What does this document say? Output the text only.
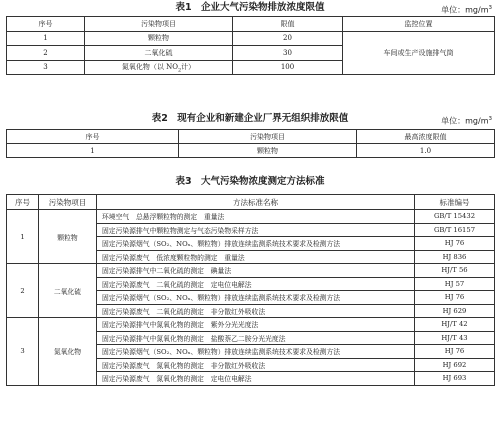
表1　企业大气污染物排放浓度限值	单位：$mg/m^3$
序号	污染物项目	限值	监控位置
1	颗粒物	20	车间或生产设施排气筒
2	二氧化硫	30	
3	氮氧化物（以 $NO_2$计）	100	
表2　现有企业和新建企业厂界无组织排放限值	单位：$mg/m^3$
序号	污染物项目	最高浓度限值
1	颗粒物	1.0
表3　大气污染物浓度测定方法标准
序号	污染物项目	方法标准名称	标准编号
1	颗粒物	环境空气　总悬浮颗粒物的测定　重量法	GB/T 15432
		固定污染源排气中颗粒物测定与气态污染物采样方法	GB/T 16157
		固定污染源烟气（SO₂、NOₓ、颗粒物）排放连续监测系统技术要求及检测方法	HJ 76
		固定污染源废气　低浓度颗粒物的测定　重量法	HJ 836
2	二氧化硫	固定污染源排气中二氧化硫的测定　碘量法	HJ/T 56
		固定污染源废气　二氧化硫的测定　定电位电解法	HJ 57
		固定污染源烟气（SO₂、NOₓ、颗粒物）排放连续监测系统技术要求及检测方法	HJ 76
		固定污染源废气　二氧化硫的测定　非分散红外吸收法	HJ 629
3	氮氧化物	固定污染源排气中氮氧化物的测定　紫外分光光度法	HJ/T 42
		固定污染源排气中氮氧化物的测定　盐酸萘乙二胺分光光度法	HJ/T 43
		固定污染源烟气（SO₂、NOₓ、颗粒物）排放连续监测系统技术要求及检测方法	HJ 76
		固定污染源废气　氮氧化物的测定　非分散红外吸收法	HJ 692
		固定污染源废气　氮氧化物的测定　定电位电解法	HJ 693
